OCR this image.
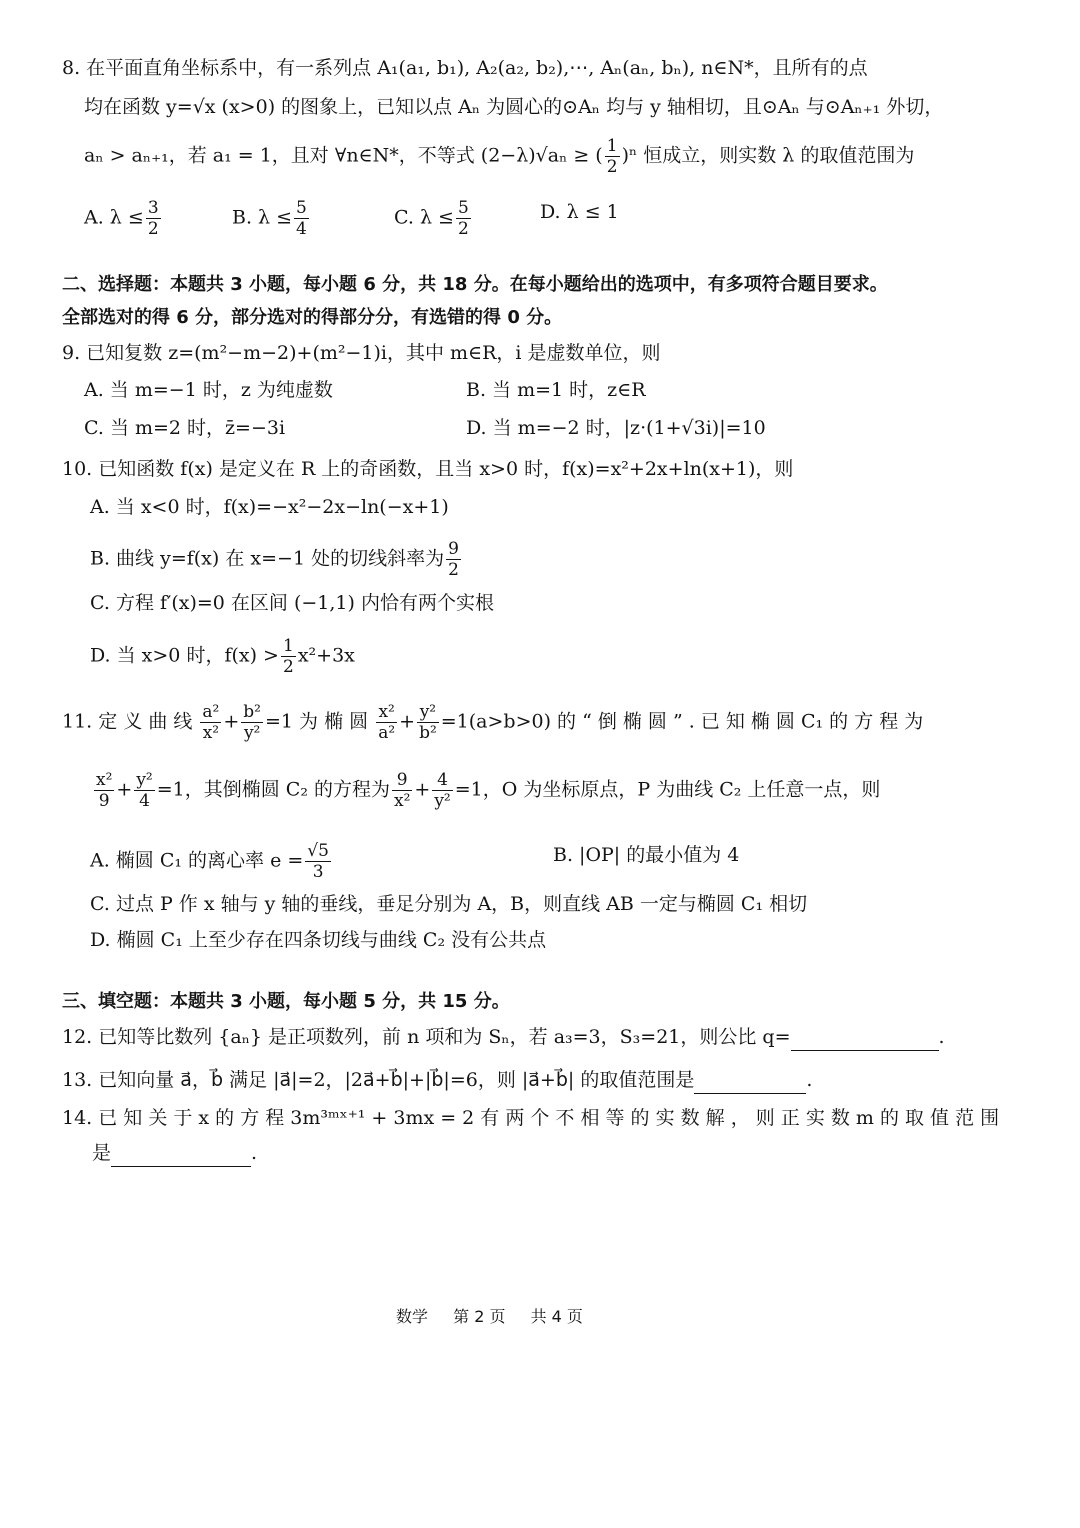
8. 在平面直角坐标系中，有一系列点 A₁(a₁, b₁), A₂(a₂, b₂),⋯, Aₙ(aₙ, bₙ), n∈N*，且所有的点
均在函数 y=√x (x>0) 的图象上，已知以点 Aₙ 为圆心的⊙Aₙ 均与 y 轴相切，且⊙Aₙ 与⊙Aₙ₊₁ 外切，
aₙ > aₙ₊₁，若 a₁ = 1，且对 ∀n∈N*，不等式 (2−λ)√aₙ ≥ ( $\frac{1}{2} )^n$ 恒成立，则实数 λ 的取值范围为
A. $\lambda \le \frac{3}{2}$	B. $\lambda \le \frac{5}{4}$	C. $\lambda \le \frac{5}{2}$	D. λ ≤ 1
二、选择题：本题共 3 小题，每小题 6 分，共 18 分。在每小题给出的选项中，有多项符合题目要求。
全部选对的得 6 分，部分选对的得部分分，有选错的得 0 分。
9. 已知复数 z=(m²−m−2)+(m²−1)i，其中 m∈R，i 是虚数单位，则
A. 当 m=−1 时，z 为纯虚数	B. 当 m=1 时，z∈R
C. 当 m=2 时，z̄=−3i	D. 当 m=−2 时，|z·(1+√3i)|=10
10. 已知函数 f(x) 是定义在 R 上的奇函数，且当 x>0 时，f(x)=x²+2x+ln(x+1)，则
A. 当 x<0 时，f(x)=−x²−2x−ln(−x+1)
B. 曲线 y=f(x) 在 x=−1 处的切线斜率为 $\frac{9}{2}$
C. 方程 f′(x)=0 在区间 (−1,1) 内恰有两个实根
D. 当 x>0 时，$f(x) > \frac{1}{2} x^2+3x$
11. 定 义 曲 线 $\frac{\text{a²}}{\text{x²}} + \frac{\text{b²}}{\text{y²}} =1$ 为 椭 圆 $\frac{\text{x²}}{\text{a²}} + \frac{\text{y²}}{\text{b²}} =1(a>b>0)$ 的 “ 倒 椭 圆 ” . 已 知 椭 圆 C₁ 的 方 程 为
$\frac{\text{x²}}{9} + \frac{\text{y²}}{4} =1$，其倒椭圆 C₂ 的方程为 $\frac{9}{\text{x²}} + \frac{4}{\text{y²}} =1$，O 为坐标原点，P 为曲线 C₂ 上任意一点，则
A. 椭圆 C₁ 的离心率 $e = \frac{√5}{3}$	B. |OP| 的最小值为 4
C. 过点 P 作 x 轴与 y 轴的垂线，垂足分别为 A，B，则直线 AB 一定与椭圆 C₁ 相切
D. 椭圆 C₁ 上至少存在四条切线与曲线 C₂ 没有公共点
三、填空题：本题共 3 小题，每小题 5 分，共 15 分。
12. 已知等比数列 {aₙ} 是正项数列，前 n 项和为 Sₙ，若 a₃=3，S₃=21，则公比 q=	.
13. 已知向量 a⃗，b⃗ 满足 |a⃗|=2，|2a⃗+b⃗|+|b⃗|=6，则 |a⃗+b⃗| 的取值范围是	.
14. 已 知 关 于 x 的 方 程 3m³ᵐˣ⁺¹ + 3mx = 2 有 两 个 不 相 等 的 实 数 解 ， 则 正 实 数 m 的 取 值 范 围
是	.
数学 第 2 页 共 4 页
